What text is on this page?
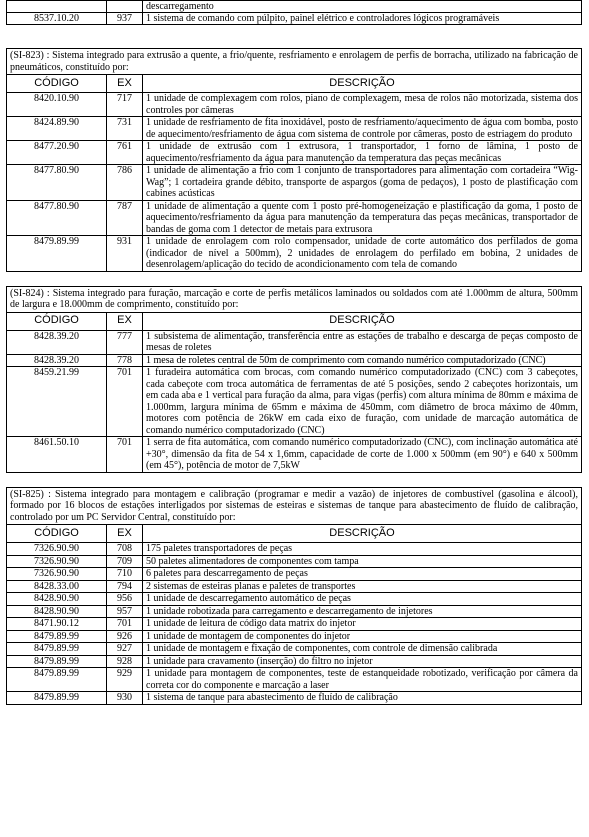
		descarregamento
8537.10.20	937	1 sistema de comando com púlpito, painel elétrico e controladores lógicos programáveis
(SI-823) : Sistema integrado para extrusão a quente, a frio/quente, resfriamento e enrolagem de perfis de borracha, utilizado na fabricação de pneumáticos, constituído por:		
CÓDIGO	EX	DESCRIÇÃO
8420.10.90	717	1 unidade de complexagem com rolos, piano de complexagem, mesa de rolos não motorizada, sistema dos controles por câmeras
8424.89.90	731	1 unidade de resfriamento de fita inoxidável, posto de resfriamento/aquecimento de água com bomba, posto de aquecimento/resfriamento de água com sistema de controle por câmeras, posto de estriagem do produto
8477.20.90	761	1 unidade de extrusão com 1 extrusora, 1 transportador, 1 forno de lâmina, 1 posto de aquecimento/resfriamento da água para manutenção da temperatura das peças mecânicas
8477.80.90	786	1 unidade de alimentação a frio com 1 conjunto de transportadores para alimentação com cortadeira “Wig-Wag”; 1 cortadeira grande débito, transporte de aspargos (goma de pedaços), 1 posto de plastificação com cabines acústicas
8477.80.90	787	1 unidade de alimentação a quente com 1 posto pré-homogeneização e plastificação da goma, 1 posto de aquecimento/resfriamento da água para manutenção da temperatura das peças mecânicas, transportador de bandas de goma com 1 detector de metais para extrusora
8479.89.99	931	1 unidade de enrolagem com rolo compensador, unidade de corte automático dos perfilados de goma (indicador de nível a 500mm), 2 unidades de enrolagem do perfilado em bobina, 2 unidades de desenrolagem/aplicação do tecido de acondicionamento com tela de comando
(SI-824) : Sistema integrado para furação, marcação e corte de perfis metálicos laminados ou soldados com até 1.000mm de altura, 500mm de largura e 18.000mm de comprimento, constituído por:		
CÓDIGO	EX	DESCRIÇÃO
8428.39.20	777	1 subsistema de alimentação, transferência entre as estações de trabalho e descarga de peças composto de mesas de roletes
8428.39.20	778	1 mesa de roletes central de 50m de comprimento com comando numérico computadorizado (CNC)
8459.21.99	701	1 furadeira automática com brocas, com comando numérico computadorizado (CNC) com 3 cabeçotes, cada cabeçote com troca automática de ferramentas de até 5 posições, sendo 2 cabeçotes horizontais, um em cada aba e 1 vertical para furação da alma, para vigas (perfis) com altura mínima de 80mm e máxima de 1.000mm, largura mínima de 65mm e máxima de 450mm, com diâmetro de broca máximo de 40mm, motores com potência de 26kW em cada eixo de furação, com unidade de marcação automática de comando numérico computadorizado (CNC)
8461.50.10	701	1 serra de fita automática, com comando numérico computadorizado (CNC), com inclinação automática até +30°, dimensão da fita de 54 x 1,6mm, capacidade de corte de 1.000 x 500mm (em 90°) e 640 x 500mm (em 45°), potência de motor de 7,5kW
(SI-825) : Sistema integrado para montagem e calibração (programar e medir a vazão) de injetores de combustível (gasolina e álcool), formado por 16 blocos de estações interligados por sistemas de esteiras e sistemas de tanque para abastecimento de fluído de calibração, controlado por um PC Servidor Central, constituído por:		
CÓDIGO	EX	DESCRIÇÃO
7326.90.90	708	175 paletes transportadores de peças
7326.90.90	709	50 paletes alimentadores de componentes com tampa
7326.90.90	710	6 paletes para descarregamento de peças
8428.33.00	794	2 sistemas de esteiras planas e paletes de transportes
8428.90.90	956	1 unidade de descarregamento automático de peças
8428.90.90	957	1 unidade robotizada para carregamento e descarregamento de injetores
8471.90.12	701	1 unidade de leitura de código data matrix do injetor
8479.89.99	926	1 unidade de montagem de componentes do injetor
8479.89.99	927	1 unidade de montagem e fixação de componentes, com controle de dimensão calibrada
8479.89.99	928	1 unidade para cravamento (inserção) do filtro no injetor
8479.89.99	929	1 unidade para montagem de componentes, teste de estanqueidade robotizado, verificação por câmera da correta cor do componente e marcação a laser
8479.89.99	930	1 sistema de tanque para abastecimento de fluído de calibração
